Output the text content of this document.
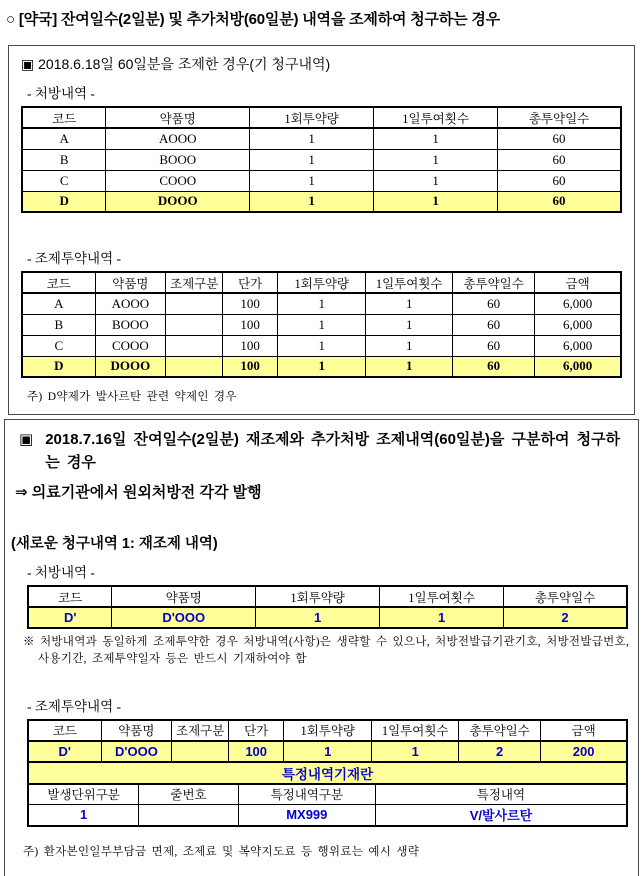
○ [약국] 잔여일수(2일분) 및 추가처방(60일분) 내역을 조제하여 청구하는 경우
▣ 2018.6.18일 60일분을 조제한 경우(기 청구내역)
- 처방내역 -
코드	약품명	1회투약량	1일투여횟수	총투약일수
A	AOOO	1	1	60
B	BOOO	1	1	60
C	COOO	1	1	60
D	DOOO	1	1	60
- 조제투약내역 -
코드	약품명	조제구분	단가	1회투약량	1일투여횟수	총투약일수	금액
A	AOOO		100	1	1	60	6,000
B	BOOO		100	1	1	60	6,000
C	COOO		100	1	1	60	6,000
D	DOOO		100	1	1	60	6,000
주) D약제가 발사르탄 관련 약제인 경우
▣ 2018.7.16일 잔여일수(2일분) 재조제와 추가처방 조제내역(60일분)을 구분하여 청구하는 경우
⇒ 의료기관에서 원외처방전 각각 발행
(새로운 청구내역 1: 재조제 내역)
- 처방내역 -
코드	약품명	1회투약량	1일투여횟수	총투약일수
D'	D'OOO	1	1	2
※ 처방내역과 동일하게 조제투약한 경우 처방내역(사항)은 생략할 수 있으나, 처방전발급기관기호, 처방전발급번호, 사용기간, 조제투약일자 등은 반드시 기재하여야 함
- 조제투약내역 -
코드	약품명	조제구분	단가	1회투약량	1일투여횟수	총투약일수	금액
D'	D'OOO		100	1	1	2	200
특정내역기재란							
발생단위구분	줄번호	특정내역구분	특정내역
1		MX999	V/발사르탄
주) 환자본인일부부담금 면제, 조제료 및 복약지도료 등 행위료는 예시 생략
